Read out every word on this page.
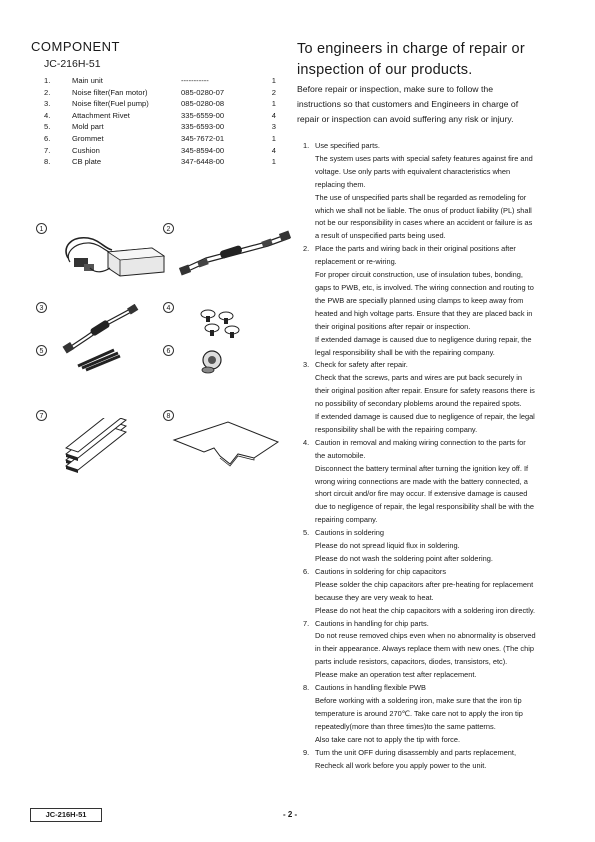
COMPONENT
JC-216H-51
1.	Main unit	-----------	1
2.	Noise filter(Fan motor)	085-0280-07	2
3.	Noise filter(Fuel pump)	085-0280-08	1
4.	Attachment Rivet	335-6559-00	4
5.	Mold part	335-6593-00	3
6.	Grommet	345-7672-01	1
7.	Cushion	345-8594-00	4
8.	CB plate	347-6448-00	1
1	2
3	4
5	6
7	8
To engineers in charge of repair or
inspection of our products.
Before repair or inspection, make sure to follow the instructions so that customers and Engineers in charge of repair or inspection can avoid suffering any risk or injury.
1. Use specified parts.
The system uses parts with special safety features against fire and voltage. Use only parts with equivalent characteristics when replacing them.
The use of unspecified parts shall be regarded as remodeling for which we shall not be liable. The onus of product liability (PL) shall not be our responsibility in cases where an accident or failure is as a result of unspecified parts being used.
2. Place the parts and wiring back in their original positions after replacement or re-wiring.
For proper circuit construction, use of insulation tubes, bonding, gaps to PWB, etc, is involved. The wiring connection and routing to the PWB are specially planned using clamps to keep away from heated and high voltage parts. Ensure that they are placed back in their original positions after repair or inspection.
If extended damage is caused due to negligence during repair, the legal responsibility shall be with the repairing company.
3. Check for safety after repair.
Check that the screws, parts and wires are put back securely in their original position after repair. Ensure for safety reasons there is no possibility of secondary ploblems around the repaired spots.
If extended damage is caused due to negligence of repair, the legal responsibility shall be with the repairing company.
4. Caution in removal and making wiring connection to the parts for the automobile.
Disconnect the battery terminal after turning the ignition key off. If wrong wiring connections are made with the battery connected, a short circuit and/or fire may occur. If extensive damage is caused due to negligence of repair, the legal responsibility shall be with the repairing company.
5. Cautions in soldering
Please do not spread liquid flux in soldering.
Please do not wash the soldering point after soldering.
6. Cautions in soldering for chip capacitors
Please solder the chip capacitors after pre-heating for replacement because they are very weak to heat.
Please do not heat the chip capacitors with a soldering iron directly.
7. Cautions in handling for chip parts.
Do not reuse removed chips even when no abnormality is observed in their appearance. Always replace them with new ones. (The chip parts include resistors, capacitors, diodes, transistors, etc).
Please make an operation test after replacement.
8. Cautions in handling flexible PWB
Before working with a soldering iron, make sure that the iron tip temperature is around 270℃. Take care not to apply the iron tip repeatedly(more than three times)to the same patterns.
Also take care not to apply the tip with force.
9. Turn the unit OFF during disassembly and parts replacement, Recheck all work before you apply power to the unit.
JC-216H-51	- 2 -
